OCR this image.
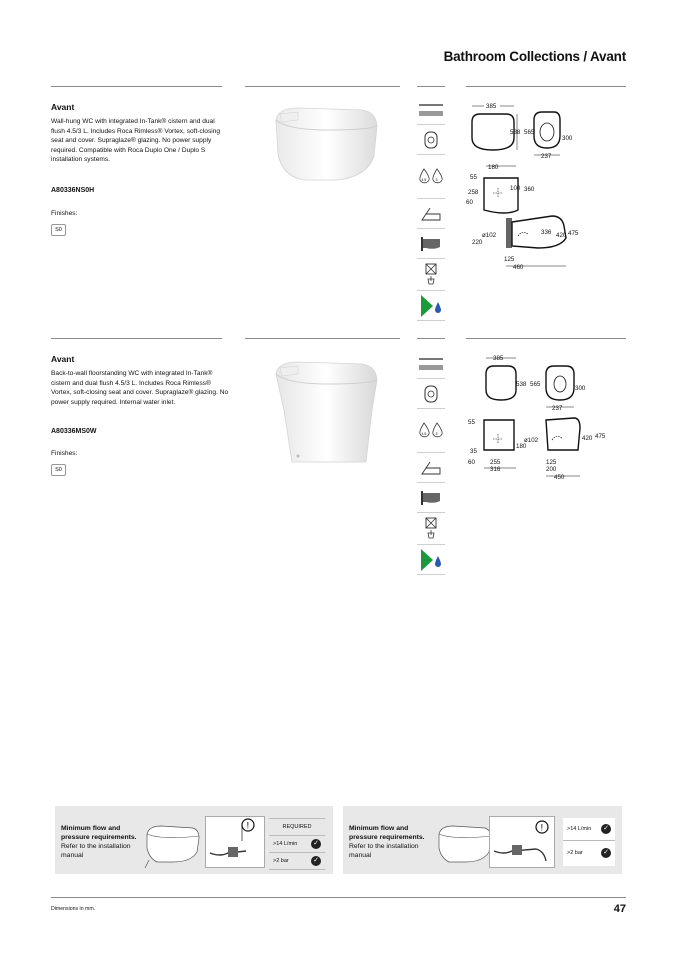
Bathroom Collections / Avant
Avant
Wall-hung WC with integrated In-Tank® cistern and dual flush 4.5/3 L. Includes Roca Rimless® Vortex, soft-closing seat and cover. Supraglaze® glazing. No power supply required. Compatible with Roca Duplo One / Duplo S installation systems.
A80336NS0H
Finishes:
S0
4.5	3
385
538 565
300
237
180
55
258
100 360
60
ø102
220
336 420 475
125
460
Avant
Back-to-wall floorstanding WC with integrated In-Tank® cistern and dual flush 4.5/3 L. Includes Roca Rimless® Vortex, soft-closing seat and cover. Supraglaze® glazing. No power supply required. Internal water inlet.
A80336MS0W
Finishes:
S0
4.5	3
385
538 565
300
237
55
35
60 255
316
ø102
180
420 475
125
200
450
Minimum flow and pressure requirements.
Refer to the installation manual
!	REQUIRED
>14 L/min ✓
>2 bar	✓
Minimum flow and pressure requirements.
Refer to the installation manual
!	>14 L/min ✓
>2 bar	✓
Dimensions in mm.	47
